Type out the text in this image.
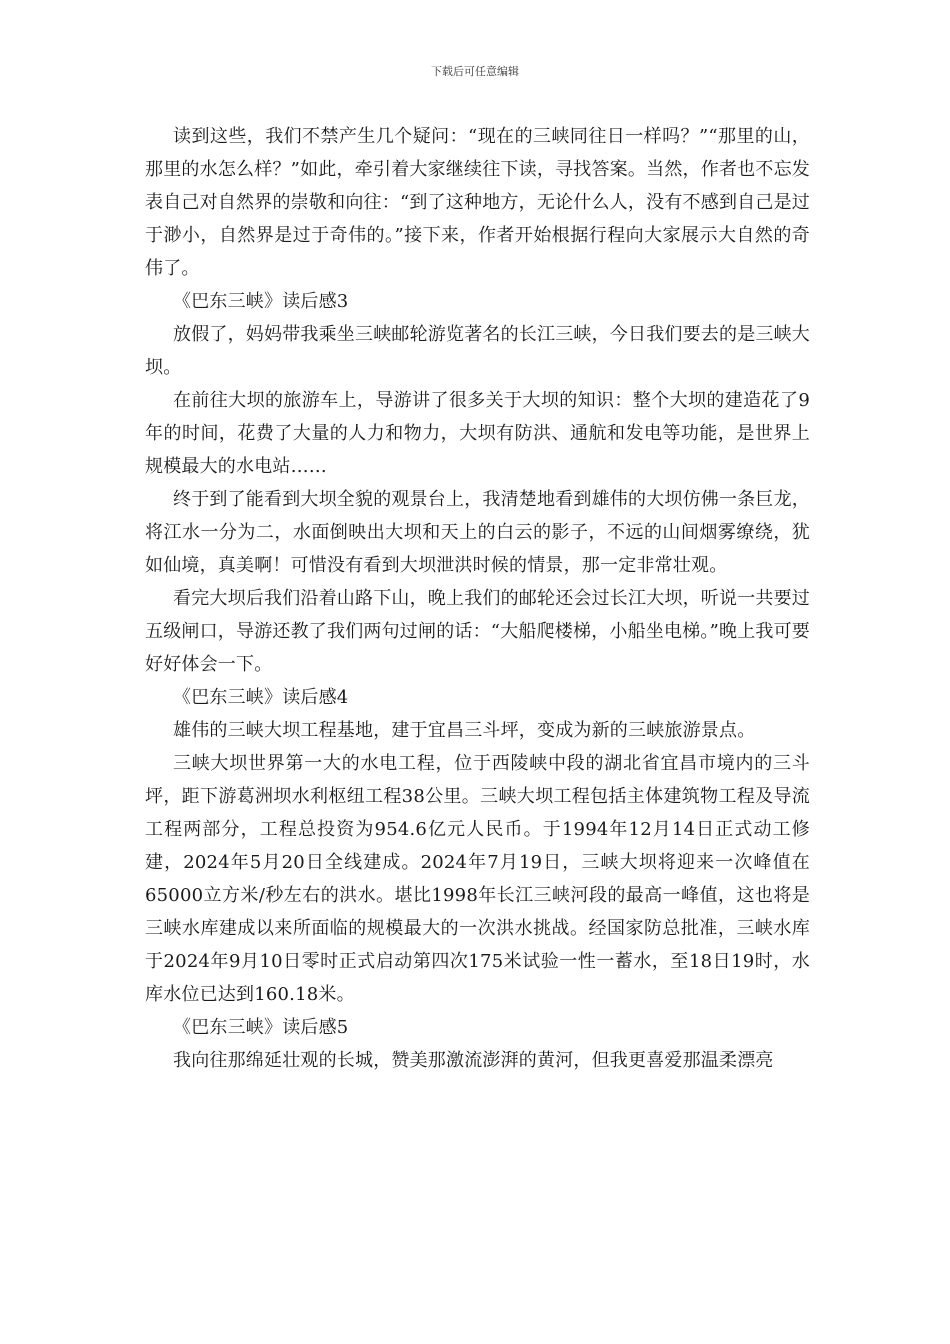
下载后可任意编辑

读到这些，我们不禁产生几个疑问：“现在的三峡同往日一样吗？”“那里的山，那里的水怎么样？”如此，牵引着大家继续往下读，寻找答案。当然，作者也不忘发表自己对自然界的崇敬和向往：“到了这种地方，无论什么人，没有不感到自己是过于渺小，自然界是过于奇伟的。”接下来，作者开始根据行程向大家展示大自然的奇伟了。

《巴东三峡》读后感3

放假了，妈妈带我乘坐三峡邮轮游览著名的长江三峡，今日我们要去的是三峡大坝。

在前往大坝的旅游车上，导游讲了很多关于大坝的知识：整个大坝的建造花了9年的时间，花费了大量的人力和物力，大坝有防洪、通航和发电等功能，是世界上规模最大的水电站……

终于到了能看到大坝全貌的观景台上，我清楚地看到雄伟的大坝仿佛一条巨龙，将江水一分为二，水面倒映出大坝和天上的白云的影子，不远的山间烟雾缭绕，犹如仙境，真美啊！可惜没有看到大坝泄洪时候的情景，那一定非常壮观。

看完大坝后我们沿着山路下山，晚上我们的邮轮还会过长江大坝，听说一共要过五级闸口，导游还教了我们两句过闸的话：“大船爬楼梯，小船坐电梯。”晚上我可要好好体会一下。

《巴东三峡》读后感4

雄伟的三峡大坝工程基地，建于宜昌三斗坪，变成为新的三峡旅游景点。

三峡大坝世界第一大的水电工程，位于西陵峡中段的湖北省宜昌市境内的三斗坪，距下游葛洲坝水利枢纽工程38公里。三峡大坝工程包括主体建筑物工程及导流工程两部分，工程总投资为954.6亿元人民币。于1994年12月14日正式动工修建，2024年5月20日全线建成。2024年7月19日，三峡大坝将迎来一次峰值在65000立方米/秒左右的洪水。堪比1998年长江三峡河段的最高一峰值，这也将是三峡水库建成以来所面临的规模最大的一次洪水挑战。经国家防总批准，三峡水库于2024年9月10日零时正式启动第四次175米试验一性一蓄水，至18日19时，水库水位已达到160.18米。

《巴东三峡》读后感5

我向往那绵延壮观的长城，赞美那激流澎湃的黄河，但我更喜爱那温柔漂亮
